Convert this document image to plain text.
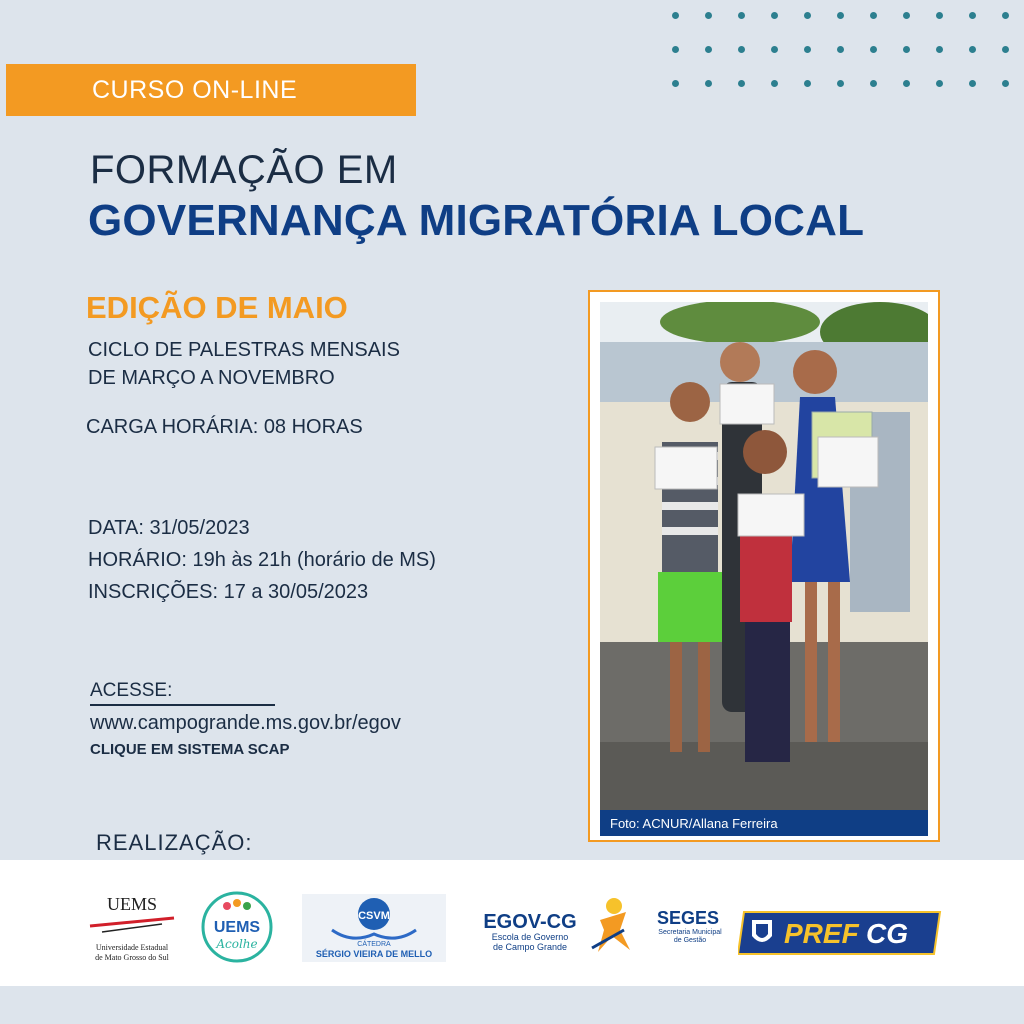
CURSO ON-LINE
FORMAÇÃO EM
GOVERNANÇA MIGRATÓRIA LOCAL
EDIÇÃO DE MAIO
CICLO DE PALESTRAS MENSAIS
DE MARÇO A NOVEMBRO
CARGA HORÁRIA: 08 HORAS
DATA: 31/05/2023
HORÁRIO: 19h às 21h (horário de MS)
INSCRIÇÕES: 17 a 30/05/2023
ACESSE:
www.campogrande.ms.gov.br/egov
CLIQUE EM SISTEMA SCAP
Foto: ACNUR/Allana Ferreira
REALIZAÇÃO:
UEMS
Universidade Estadual
de Mato Grosso do Sul
UEMS
Acolhe
CSVM
CÁTEDRA
SÉRGIO VIEIRA DE MELLO
EGOV-CG
Escola de Governo
de Campo Grande
SEGES
Secretaria Municipal
de Gestão	PREF CG
